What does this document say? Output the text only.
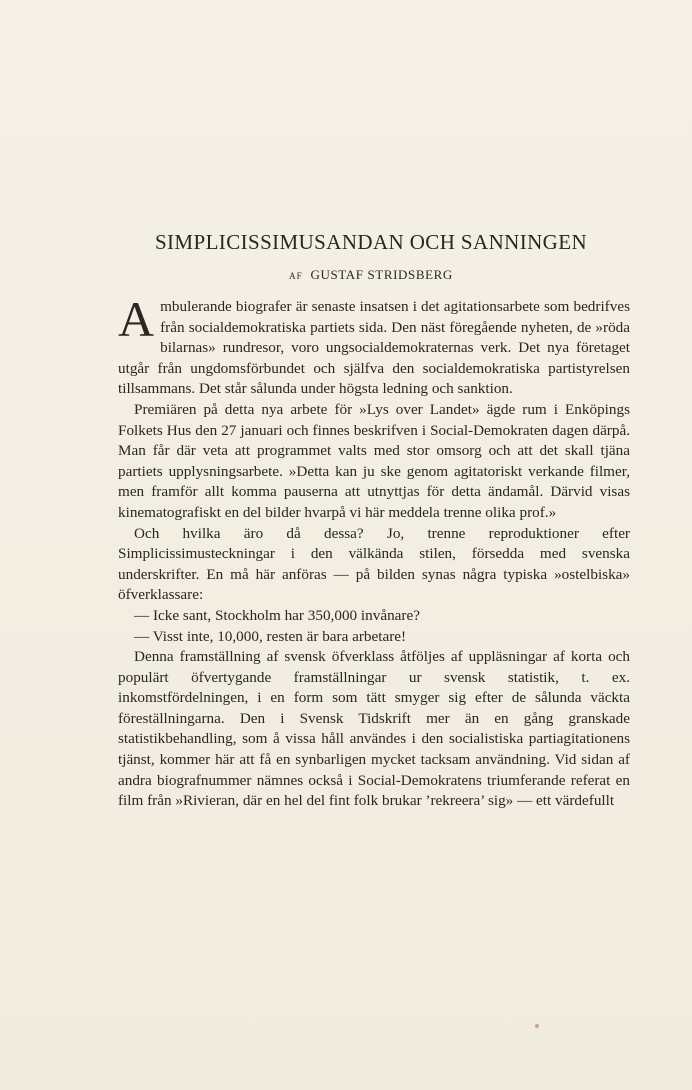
SIMPLICISSIMUSANDAN OCH SANNINGEN
AF GUSTAF STRIDSBERG

Ambulerande biografer är senaste insatsen i det agitationsarbete som bedrifves från socialdemokratiska partiets sida. Den näst föregående nyheten, de »röda bilarnas» rundresor, voro ungsocialdemokraternas verk. Det nya företaget utgår från ungdomsförbundet och själfva den socialdemokratiska partistyrelsen tillsammans. Det står sålunda under högsta ledning och sanktion.

Premiären på detta nya arbete för »Lys over Landet» ägde rum i Enköpings Folkets Hus den 27 januari och finnes beskrifven i Social-Demokraten dagen därpå. Man får där veta att programmet valts med stor omsorg och att det skall tjäna partiets upplysningsarbete. »Detta kan ju ske genom agitatoriskt verkande filmer, men framför allt komma pauserna att utnyttjas för detta ändamål. Därvid visas kinematografiskt en del bilder hvarpå vi här meddela trenne olika prof.»

Och hvilka äro då dessa? Jo, trenne reproduktioner efter Simplicissimusteckningar i den välkända stilen, försedda med svenska underskrifter. En må här anföras — på bilden synas några typiska »ostelbiska» öfverklassare:

— Icke sant, Stockholm har 350,000 invånare?

— Visst inte, 10,000, resten är bara arbetare!

Denna framställning af svensk öfverklass åtföljes af uppläsningar af korta och populärt öfvertygande framställningar ur svensk statistik, t. ex. inkomstfördelningen, i en form som tätt smyger sig efter de sålunda väckta föreställningarna. Den i Svensk Tidskrift mer än en gång granskade statistikbehandling, som å vissa håll användes i den socialistiska partiagitationens tjänst, kommer här att få en synbarligen mycket tacksam användning. Vid sidan af andra biografnummer nämnes också i Social-Demokratens triumferande referat en film från »Rivieran, där en hel del fint folk brukar ’rekreera’ sig» — ett värdefullt
